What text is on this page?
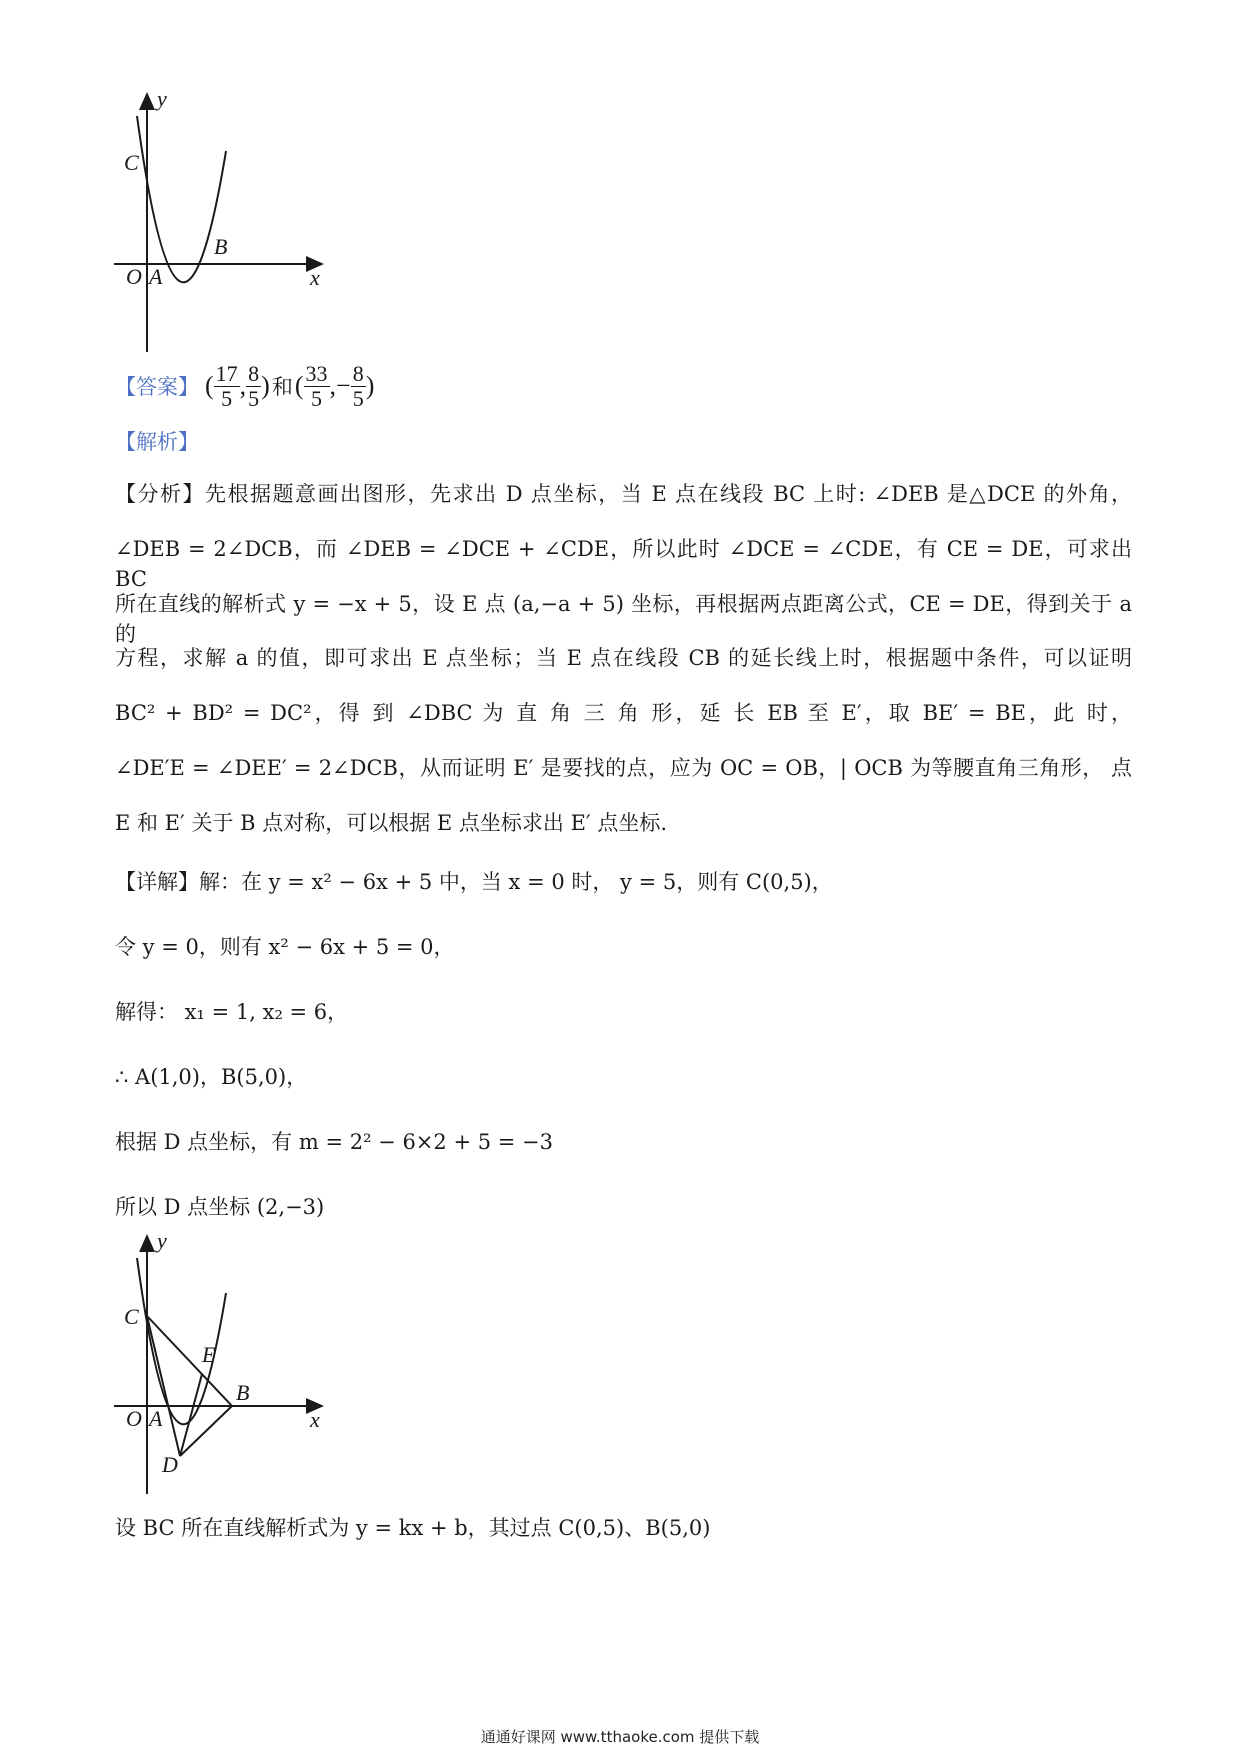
y
x
O A
B
C
【答案】 ( $\frac{17}{5}$ , $\frac{8}{5}$ ) 和 ( $\frac{33}{5}$ , − $\frac{8}{5}$ )
【解析】
【分析】先根据题意画出图形，先求出 D 点坐标，当 E 点在线段 BC 上时: ∠DEB 是△DCE 的外角，
∠DEB = 2∠DCB，而 ∠DEB = ∠DCE + ∠CDE，所以此时 ∠DCE = ∠CDE，有 CE = DE，可求出 BC
所在直线的解析式 y = −x + 5，设 E 点 (a,−a + 5) 坐标，再根据两点距离公式，CE = DE，得到关于 a 的
方程，求解 a 的值，即可求出 E 点坐标；当 E 点在线段 CB 的延长线上时，根据题中条件，可以证明
BC² + BD² = DC²，得 到 ∠DBC 为 直 角 三 角 形，延 长 EB 至 E′，取 BE′ = BE，此 时，
∠DE′E = ∠DEE′ = 2∠DCB，从而证明 E′ 是要找的点，应为 OC = OB，| OCB 为等腰直角三角形， 点
E 和 E′ 关于 B 点对称，可以根据 E 点坐标求出 E′ 点坐标.
【详解】解：在 y = x² − 6x + 5 中，当 x = 0 时， y = 5，则有 C(0,5)，
令 y = 0，则有 x² − 6x + 5 = 0，
解得： x₁ = 1, x₂ = 6，
∴ A(1,0)，B(5,0)，
根据 D 点坐标，有 m = 2² − 6×2 + 5 = −3
所以 D 点坐标 (2,−3)
y
x
O A
B
C
D
E
设 BC 所在直线解析式为 y = kx + b，其过点 C(0,5)、B(5,0)
通通好课网 www.tthaoke.com 提供下载
